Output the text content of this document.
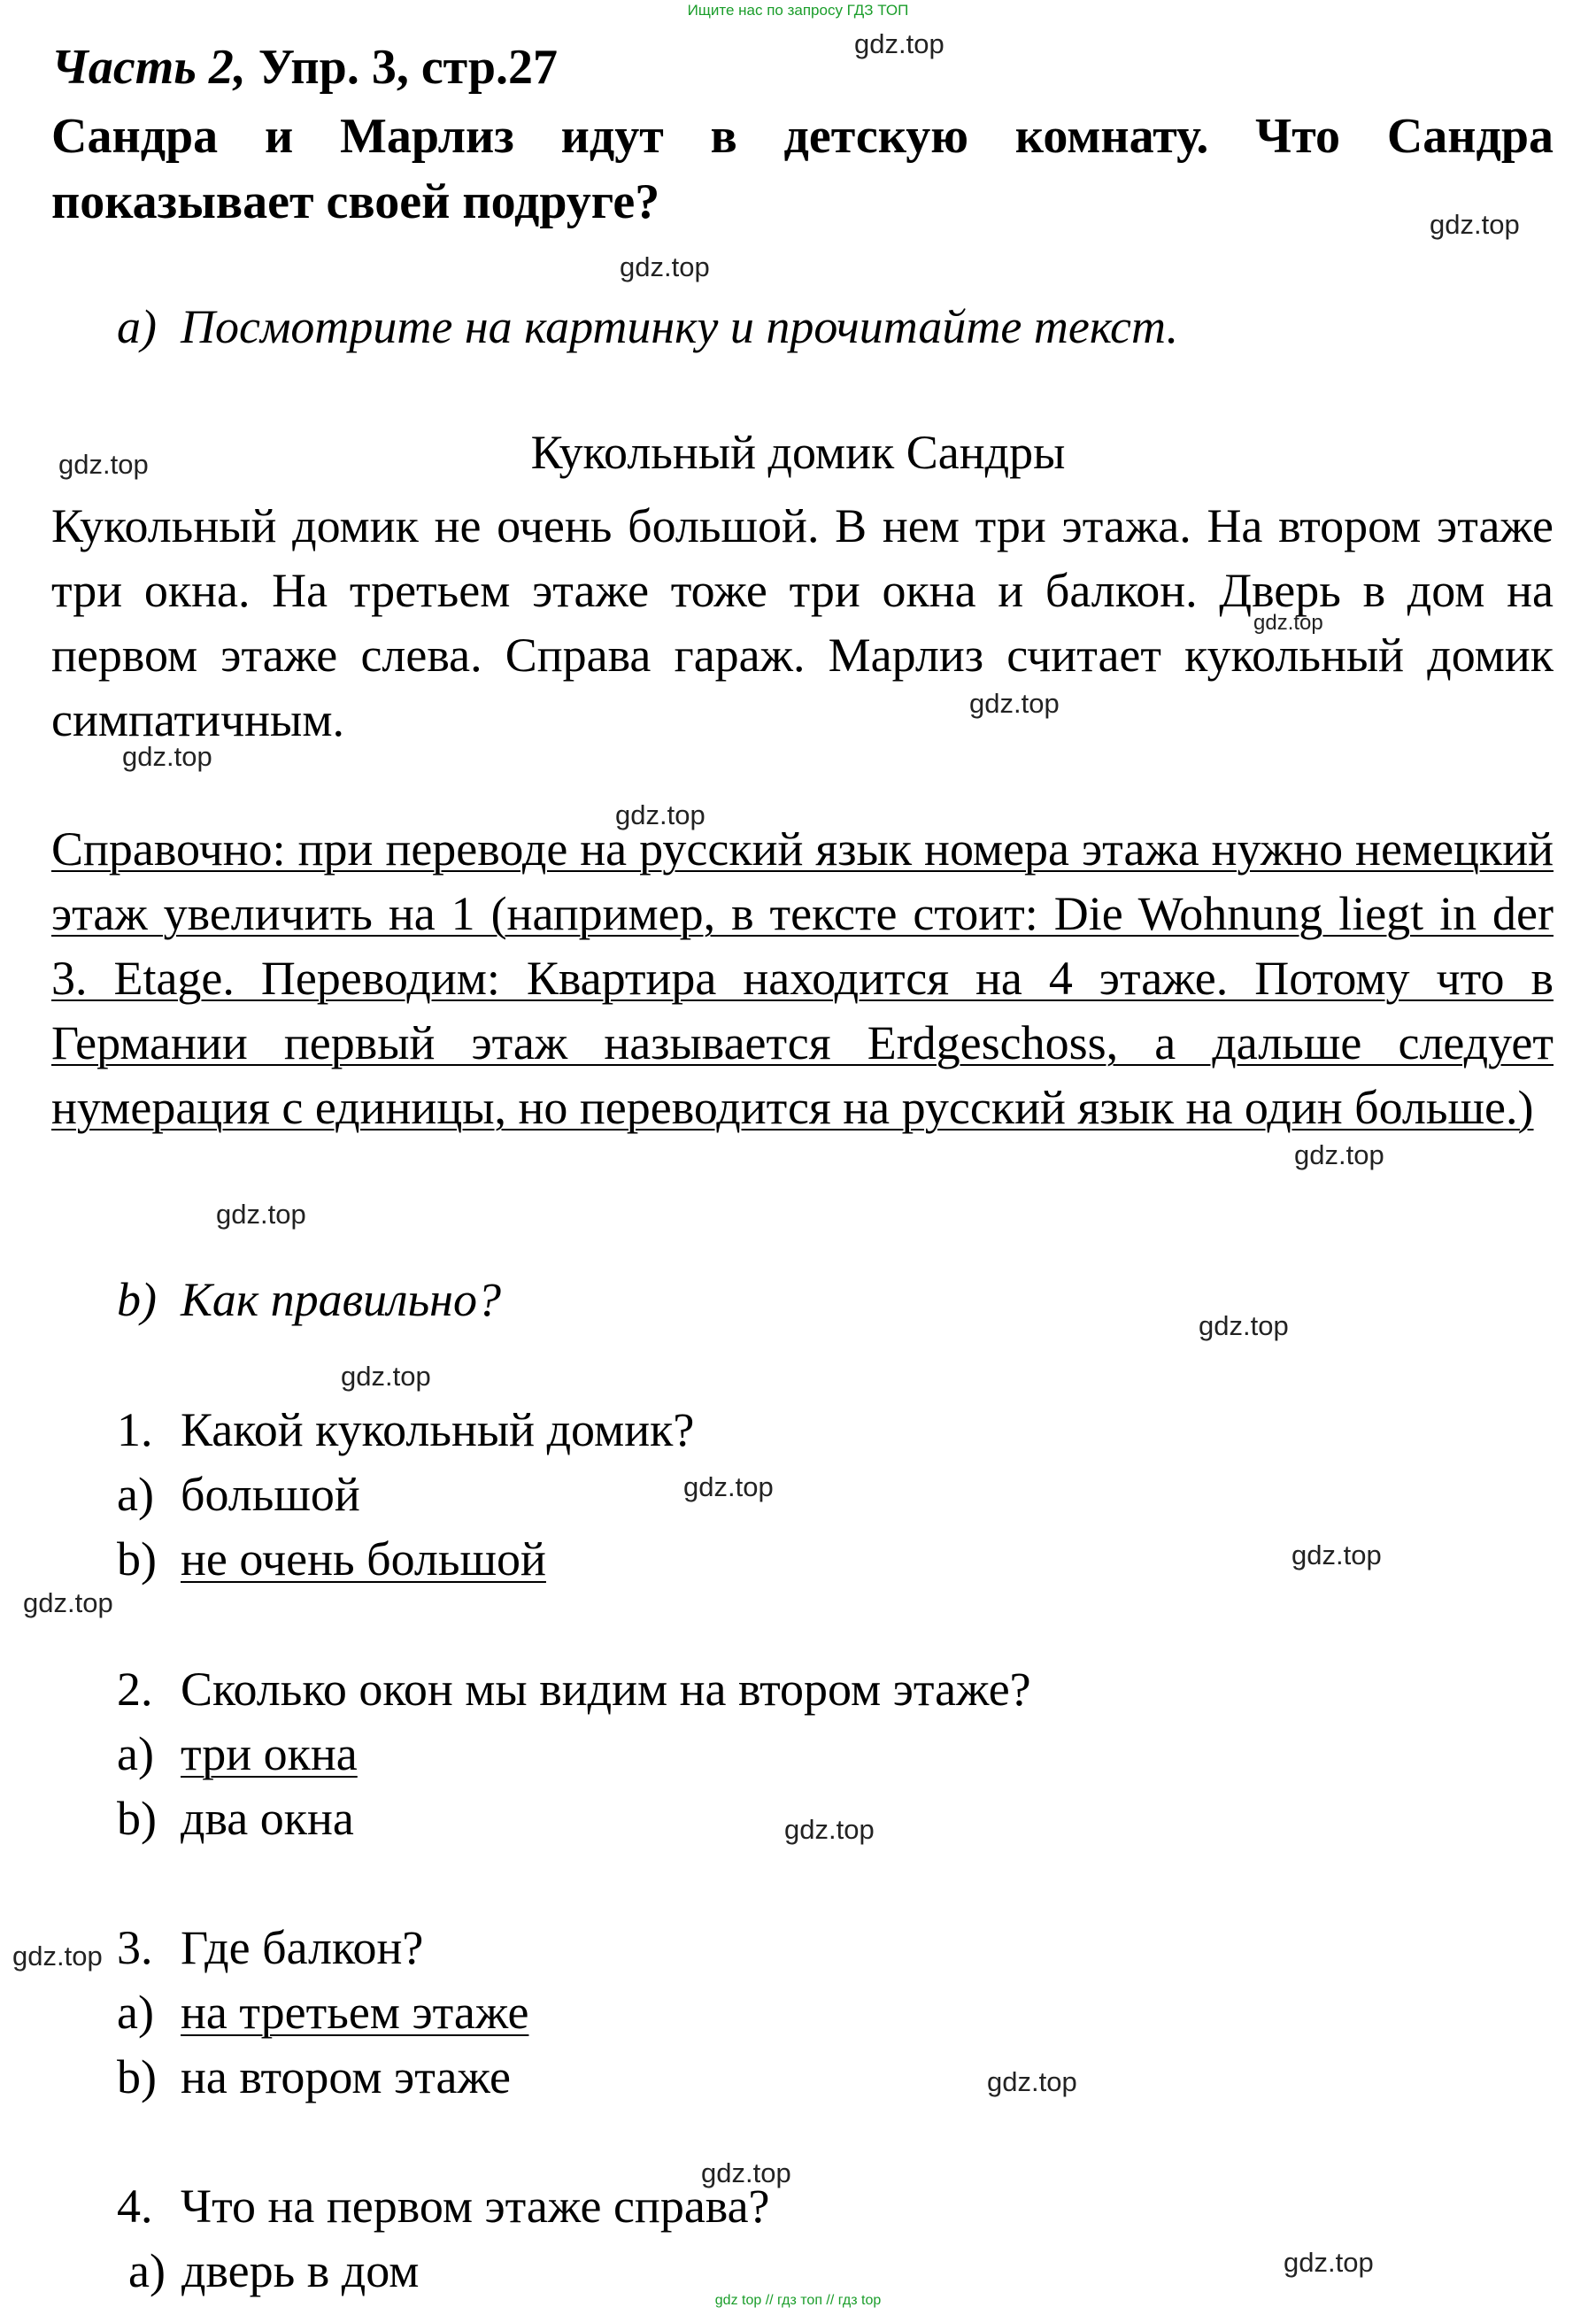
Ищите нас по запросу ГДЗ ТОП
gdz top // гдз топ // гдз top
Часть 2, Упр. 3, стр.27
Сандра и Марлиз идут в детскую комнату. Что Сандра показывает своей подруге?
a) Посмотрите на картинку и прочитайте текст.
Кукольный домик Сандры
Кукольный домик не очень большой. В нем три этажа. На втором этаже три окна. На третьем этаже тоже три окна и балкон. Дверь в дом на первом этаже слева. Справа гараж. Марлиз считает кукольный домик симпатичным.
Справочно: при переводе на русский язык номера этажа нужно немецкий этаж увеличить на 1 (например, в тексте стоит: Die Wohnung liegt in der 3. Etage. Переводим: Квартира находится на 4 этаже. Потому что в Германии первый этаж называется Erdgeschoss, а дальше следует нумерация с единицы, но переводится на русский язык на один больше.)
b) Как правильно?
1. Какой кукольный домик?
a) большой
b) не очень большой
2. Сколько окон мы видим на втором этаже?
a) три окна
b) два окна
3. Где балкон?
a) на третьем этаже
b) на втором этаже
4. Что на первом этаже справа?
a) дверь в дом
gdz.top
gdz.top
gdz.top
gdz.top
gdz.top
gdz.top
gdz.top
gdz.top
gdz.top
gdz.top
gdz.top
gdz.top
gdz.top
gdz.top
gdz.top
gdz.top
gdz.top
gdz.top
gdz.top
gdz.top
